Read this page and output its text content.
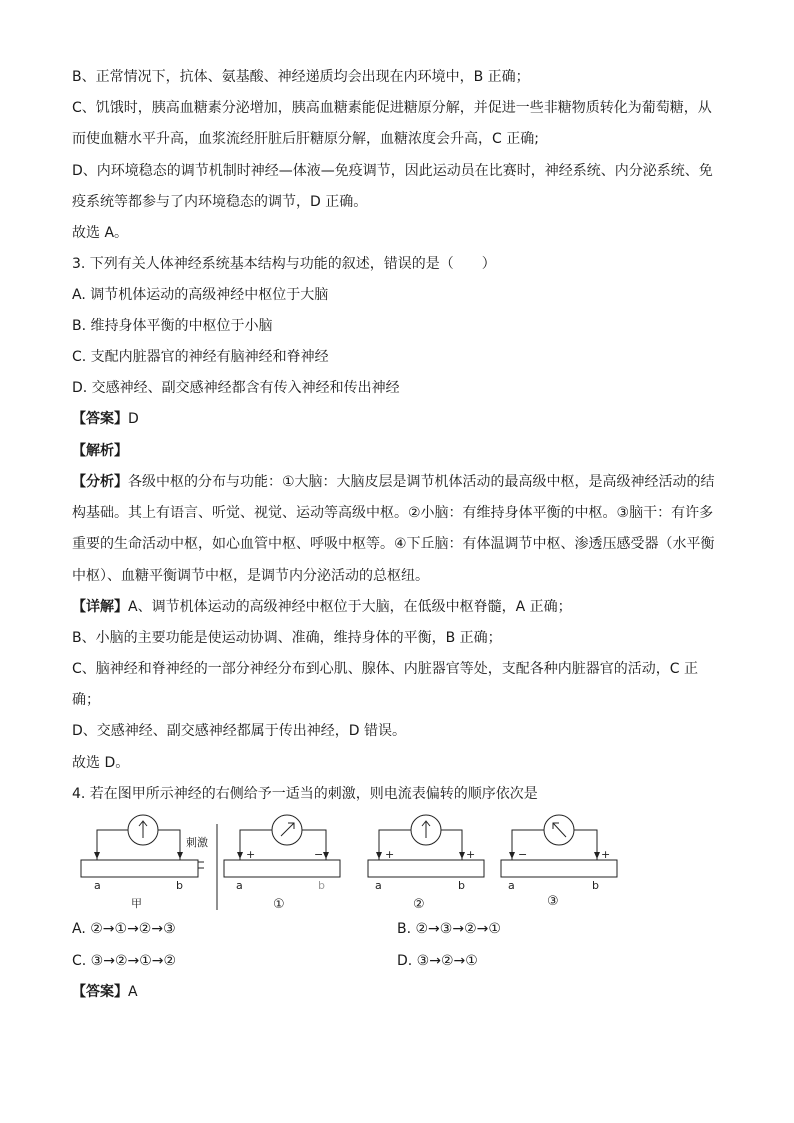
B、正常情况下，抗体、氨基酸、神经递质均会出现在内环境中，B 正确；
C、饥饿时，胰高血糖素分泌增加，胰高血糖素能促进糖原分解，并促进一些非糖物质转化为葡萄糖，从
而使血糖水平升高，血浆流经肝脏后肝糖原分解，血糖浓度会升高，C 正确;
D、内环境稳态的调节机制时神经—体液—免疫调节，因此运动员在比赛时，神经系统、内分泌系统、免
疫系统等都参与了内环境稳态的调节，D 正确。
故选 A。
3. 下列有关人体神经系统基本结构与功能的叙述，错误的是（　　）
A. 调节机体运动的高级神经中枢位于大脑
B. 维持身体平衡的中枢位于小脑
C. 支配内脏器官的神经有脑神经和脊神经
D. 交感神经、副交感神经都含有传入神经和传出神经
【答案】D
【解析】
【分析】各级中枢的分布与功能：①大脑：大脑皮层是调节机体活动的最高级中枢，是高级神经活动的结
构基础。其上有语言、听觉、视觉、运动等高级中枢。②小脑：有维持身体平衡的中枢。③脑干：有许多
重要的生命活动中枢，如心血管中枢、呼吸中枢等。④下丘脑：有体温调节中枢、渗透压感受器（水平衡
中枢）、血糖平衡调节中枢，是调节内分泌活动的总枢纽。
【详解】A、调节机体运动的高级神经中枢位于大脑，在低级中枢脊髓，A 正确；
B、小脑的主要功能是使运动协调、准确，维持身体的平衡，B 正确；
C、脑神经和脊神经的一部分神经分布到心肌、腺体、内脏器官等处，支配各种内脏器官的活动，C 正
确；
D、交感神经、副交感神经都属于传出神经，D 错误。
故选 D。
4. 若在图甲所示神经的右侧给予一适当的刺激，则电流表偏转的顺序依次是
a	b
刺激
甲
+	−
a	b
①
+	+
a	b
②
−	+
a	b
③
A. ②→①→②→③	B. ②→③→②→①
C. ③→②→①→②	D. ③→②→①
【答案】A
